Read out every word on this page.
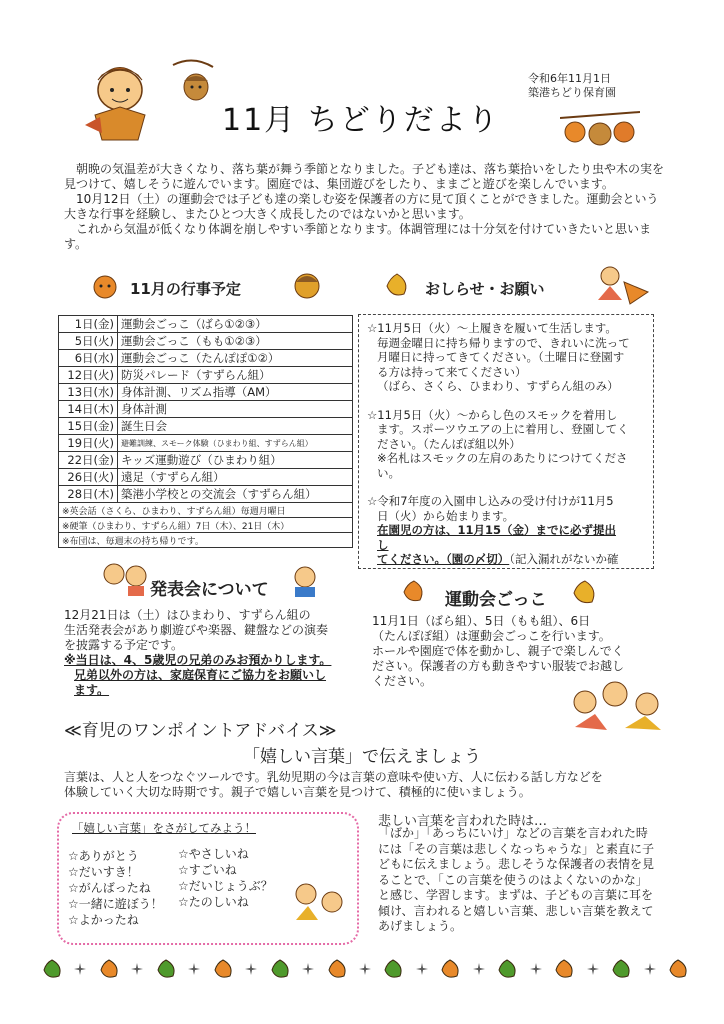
令和6年11月1日
築港ちどり保育園
11月 ちどりだより

朝晩の気温差が大きくなり、落ち葉が舞う季節となりました。子ども達は、落ち葉拾いをしたり虫や木の実を見つけて、嬉しそうに遊んでいます。園庭では、集団遊びをしたり、ままごと遊びを楽しんでいます。

10月12日（土）の運動会では子ども達の楽しむ姿を保護者の方に見て頂くことができました。運動会という大きな行事を経験し、またひとつ大きく成長したのではないかと思います。

これから気温が低くなり体調を崩しやすい季節となります。体調管理には十分気を付けていきたいと思います。

11月の行事予定
1日(金)	運動会ごっこ（ばら①②③）
5日(火)	運動会ごっこ（もも①②③）
6日(水)	運動会ごっこ（たんぽぽ①②）
12日(火)	防災パレード（すずらん組）
13日(水)	身体計測、リズム指導（AM）
14日(木)	身体計測
15日(金)	誕生日会
19日(火)	避難訓練、スモーク体験（ひまわり組、すずらん組）
22日(金)	キッズ運動遊び（ひまわり組）
26日(火)	遠足（すずらん組）
28日(木)	築港小学校との交流会（すずらん組）
※英会話（さくら、ひまわり、すずらん組）毎週月曜日	
※硬筆（ひまわり、すずらん組）7日（木）、21日（木）	
※布団は、毎週末の持ち帰りです。	
おしらせ・お願い

☆11月5日（火）～上履きを履いて生活します。

毎週金曜日に持ち帰りますので、きれいに洗って

月曜日に持ってきてください。（土曜日に登園す

る方は持って来てください）

（ばら、さくら、ひまわり、すずらん組のみ）

☆11月5日（火）～からし色のスモックを着用し

ます。スポーツウエアの上に着用し、登園してく

ださい。（たんぽぽ組以外）

※名札はスモックの左肩のあたりにつけてくださ

い。

☆令和7年度の入園申し込みの受け付けが11月5

日（火）から始まります。

在園児の方は、11月15（金）までに必ず提出

し

てください。（園の〆切）（記入漏れがないか確

発表会について

12月21日は（土）はひまわり、すずらん組の

生活発表会があり劇遊びや楽器、鍵盤などの演奏

を披露する予定です。

※当日は、4、5歳児の兄弟のみお預かりします。

兄弟以外の方は、家庭保育にご協力をお願いし

ます。

運動会ごっこ

11月1日（ばら組）、5日（もも組）、6日

（たんぽぽ組）は運動会ごっこを行います。

ホールや園庭で体を動かし、親子で楽しんでく

ださい。保護者の方も動きやすい服装でお越し

ください。

≪育児のワンポイントアドバイス≫
「嬉しい言葉」で伝えましょう
言葉は、人と人をつなぐツールです。乳幼児期の今は言葉の意味や使い方、人に伝わる話し方などを
体験していく大切な時期です。親子で嬉しい言葉を見つけて、積極的に使いましょう。
「嬉しい言葉」をさがしてみよう！
☆ありがとう
☆だいすき！
☆がんばったね
☆一緒に遊ぼう！
☆よかったね
☆やさしいね
☆すごいね
☆だいじょうぶ？
☆たのしいね
悲しい言葉を言われた時は…
「ばか」「あっちにいけ」などの言葉を言われた時
には「その言葉は悲しくなっちゃうな」と素直に子
どもに伝えましょう。悲しそうな保護者の表情を見
ることで、「この言葉を使うのはよくないのかな」
と感じ、学習します。まずは、子どもの言葉に耳を
傾け、言われると嬉しい言葉、悲しい言葉を教えて
あげましょう。
